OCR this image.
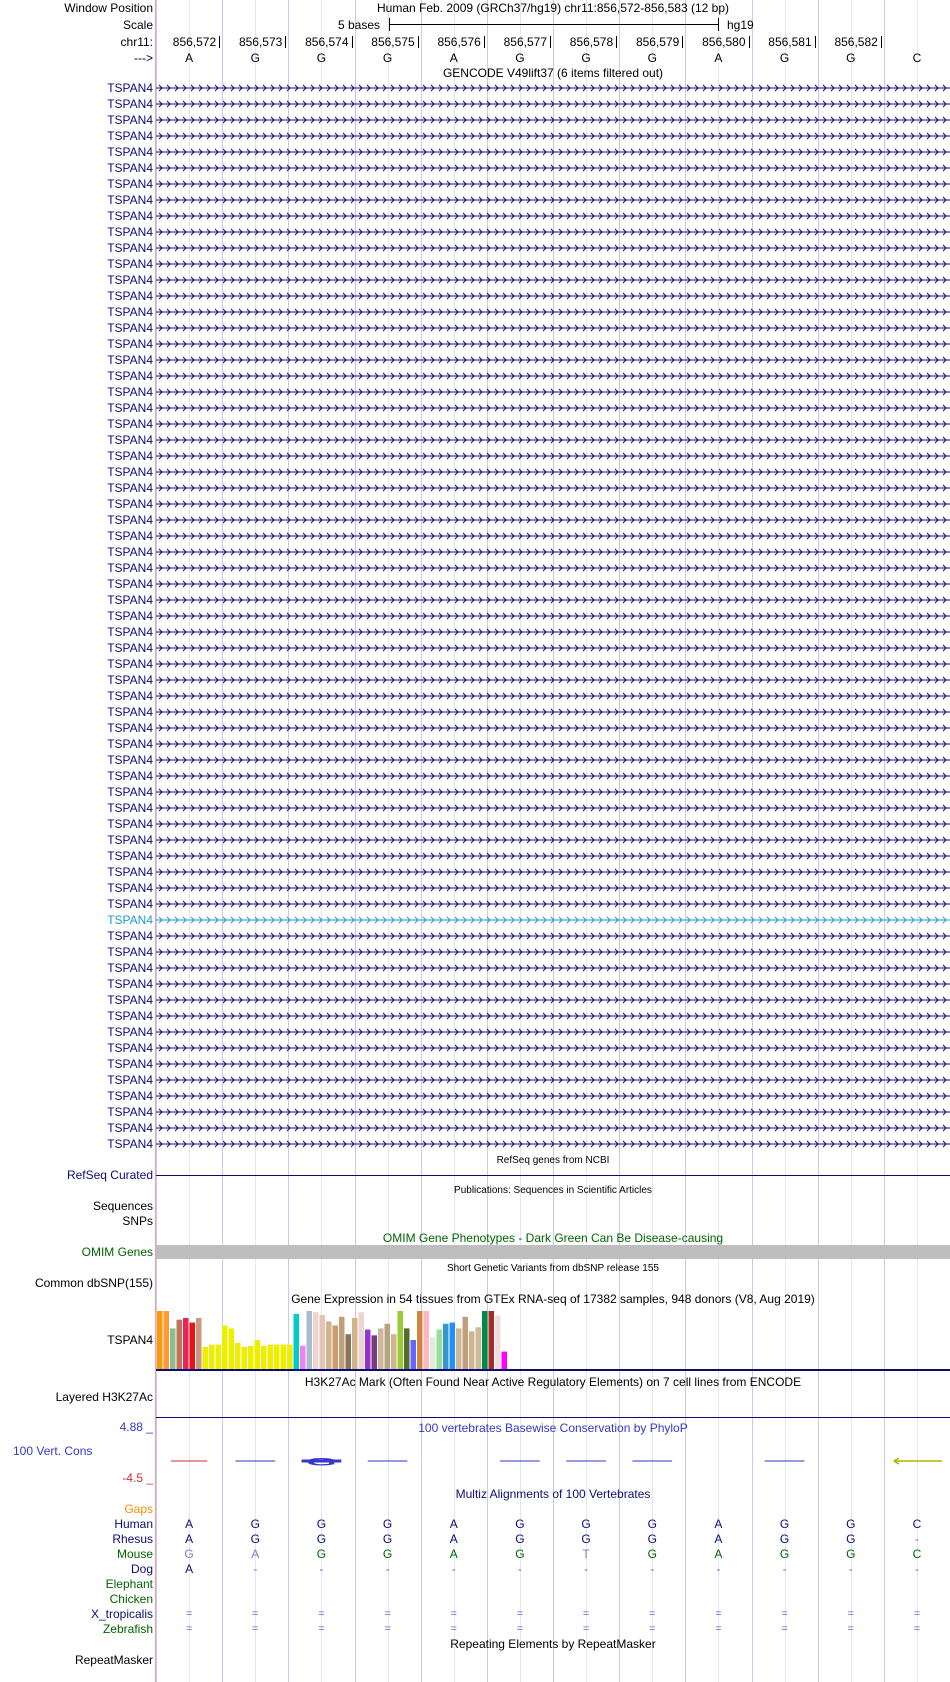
Window Position	Human Feb. 2009 (GRCh37/hg19) chr11:856,572-856,583 (12 bp)
Scale	5 bases	hg19
chr11:	856,572	856,573	856,574	856,575	856,576	856,577	856,578	856,579	856,580	856,581	856,582
--->	A	G	G	G	A	G	G	G	A	G	G	C
GENCODE V49lift37 (6 items filtered out)
TSPAN4
TSPAN4
TSPAN4
TSPAN4
TSPAN4
TSPAN4
TSPAN4
TSPAN4
TSPAN4
TSPAN4
TSPAN4
TSPAN4
TSPAN4
TSPAN4
TSPAN4
TSPAN4
TSPAN4
TSPAN4
TSPAN4
TSPAN4
TSPAN4
TSPAN4
TSPAN4
TSPAN4
TSPAN4
TSPAN4
TSPAN4
TSPAN4
TSPAN4
TSPAN4
TSPAN4
TSPAN4
TSPAN4
TSPAN4
TSPAN4
TSPAN4
TSPAN4
TSPAN4
TSPAN4
TSPAN4
TSPAN4
TSPAN4
TSPAN4
TSPAN4
TSPAN4
TSPAN4
TSPAN4
TSPAN4
TSPAN4
TSPAN4
TSPAN4
TSPAN4
TSPAN4
TSPAN4
TSPAN4
TSPAN4
TSPAN4
TSPAN4
TSPAN4
TSPAN4
TSPAN4
TSPAN4
TSPAN4
TSPAN4
TSPAN4
TSPAN4
TSPAN4
RefSeq genes from NCBI
RefSeq Curated
Publications: Sequences in Scientific Articles
Sequences
SNPs
OMIM Gene Phenotypes - Dark Green Can Be Disease-causing
OMIM Genes
Short Genetic Variants from dbSNP release 155
Common dbSNP(155)
Gene Expression in 54 tissues from GTEx RNA-seq of 17382 samples, 948 donors (V8, Aug 2019)
TSPAN4
H3K27Ac Mark (Often Found Near Active Regulatory Elements) on 7 cell lines from ENCODE
Layered H3K27Ac
4.88 _	100 vertebrates Basewise Conservation by PhyloP
100 Vert. Cons
G
-4.5 _
Multiz Alignments of 100 Vertebrates
Gaps
Human	A	G	G	G	A	G	G	G	A	G	G	C
Rhesus	A	G	G	G	A	G	G	G	A	G	G	-
Mouse	G	A	G	G	A	G	T	G	A	G	G	C
Dog	A	-	-	-	-	-	-	-	-	-	-	-
Elephant
Chicken
X_tropicalis	=	=	=	=	=	=	=	=	=	=	=	=
Zebrafish	=	=	=	=	=	=	=	=	=	=	=	=
Repeating Elements by RepeatMasker
RepeatMasker
